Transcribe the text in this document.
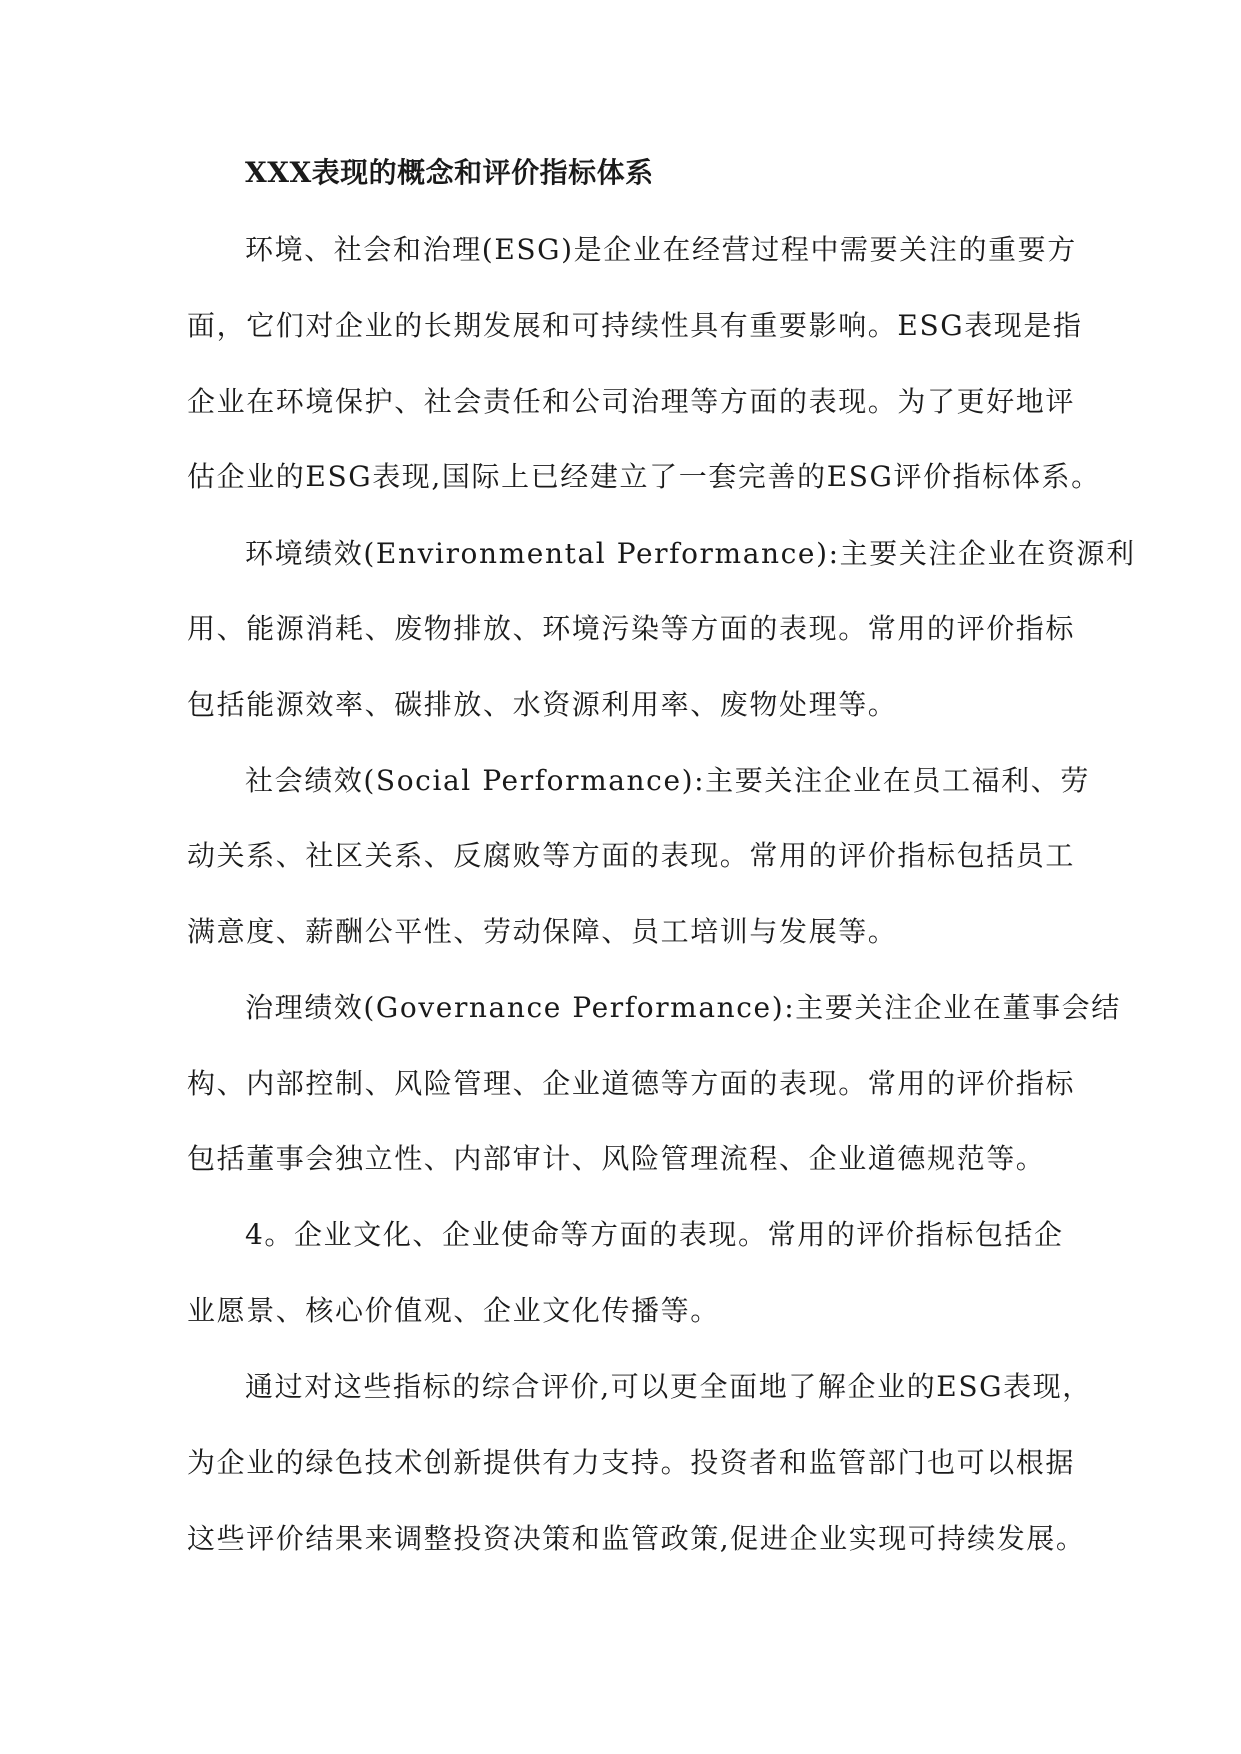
XXX表现的概念和评价指标体系
环境、社会和治理(ESG)是企业在经营过程中需要关注的重要方
面，它们对企业的长期发展和可持续性具有重要影响。ESG表现是指
企业在环境保护、社会责任和公司治理等方面的表现。为了更好地评
估企业的ESG表现,国际上已经建立了一套完善的ESG评价指标体系。
环境绩效(Environmental Performance):主要关注企业在资源利
用、能源消耗、废物排放、环境污染等方面的表现。常用的评价指标
包括能源效率、碳排放、水资源利用率、废物处理等。
社会绩效(Social Performance):主要关注企业在员工福利、劳
动关系、社区关系、反腐败等方面的表现。常用的评价指标包括员工
满意度、薪酬公平性、劳动保障、员工培训与发展等。
治理绩效(Governance Performance):主要关注企业在董事会结
构、内部控制、风险管理、企业道德等方面的表现。常用的评价指标
包括董事会独立性、内部审计、风险管理流程、企业道德规范等。
4。企业文化、企业使命等方面的表现。常用的评价指标包括企
业愿景、核心价值观、企业文化传播等。
通过对这些指标的综合评价,可以更全面地了解企业的ESG表现，
为企业的绿色技术创新提供有力支持。投资者和监管部门也可以根据
这些评价结果来调整投资决策和监管政策,促进企业实现可持续发展。
